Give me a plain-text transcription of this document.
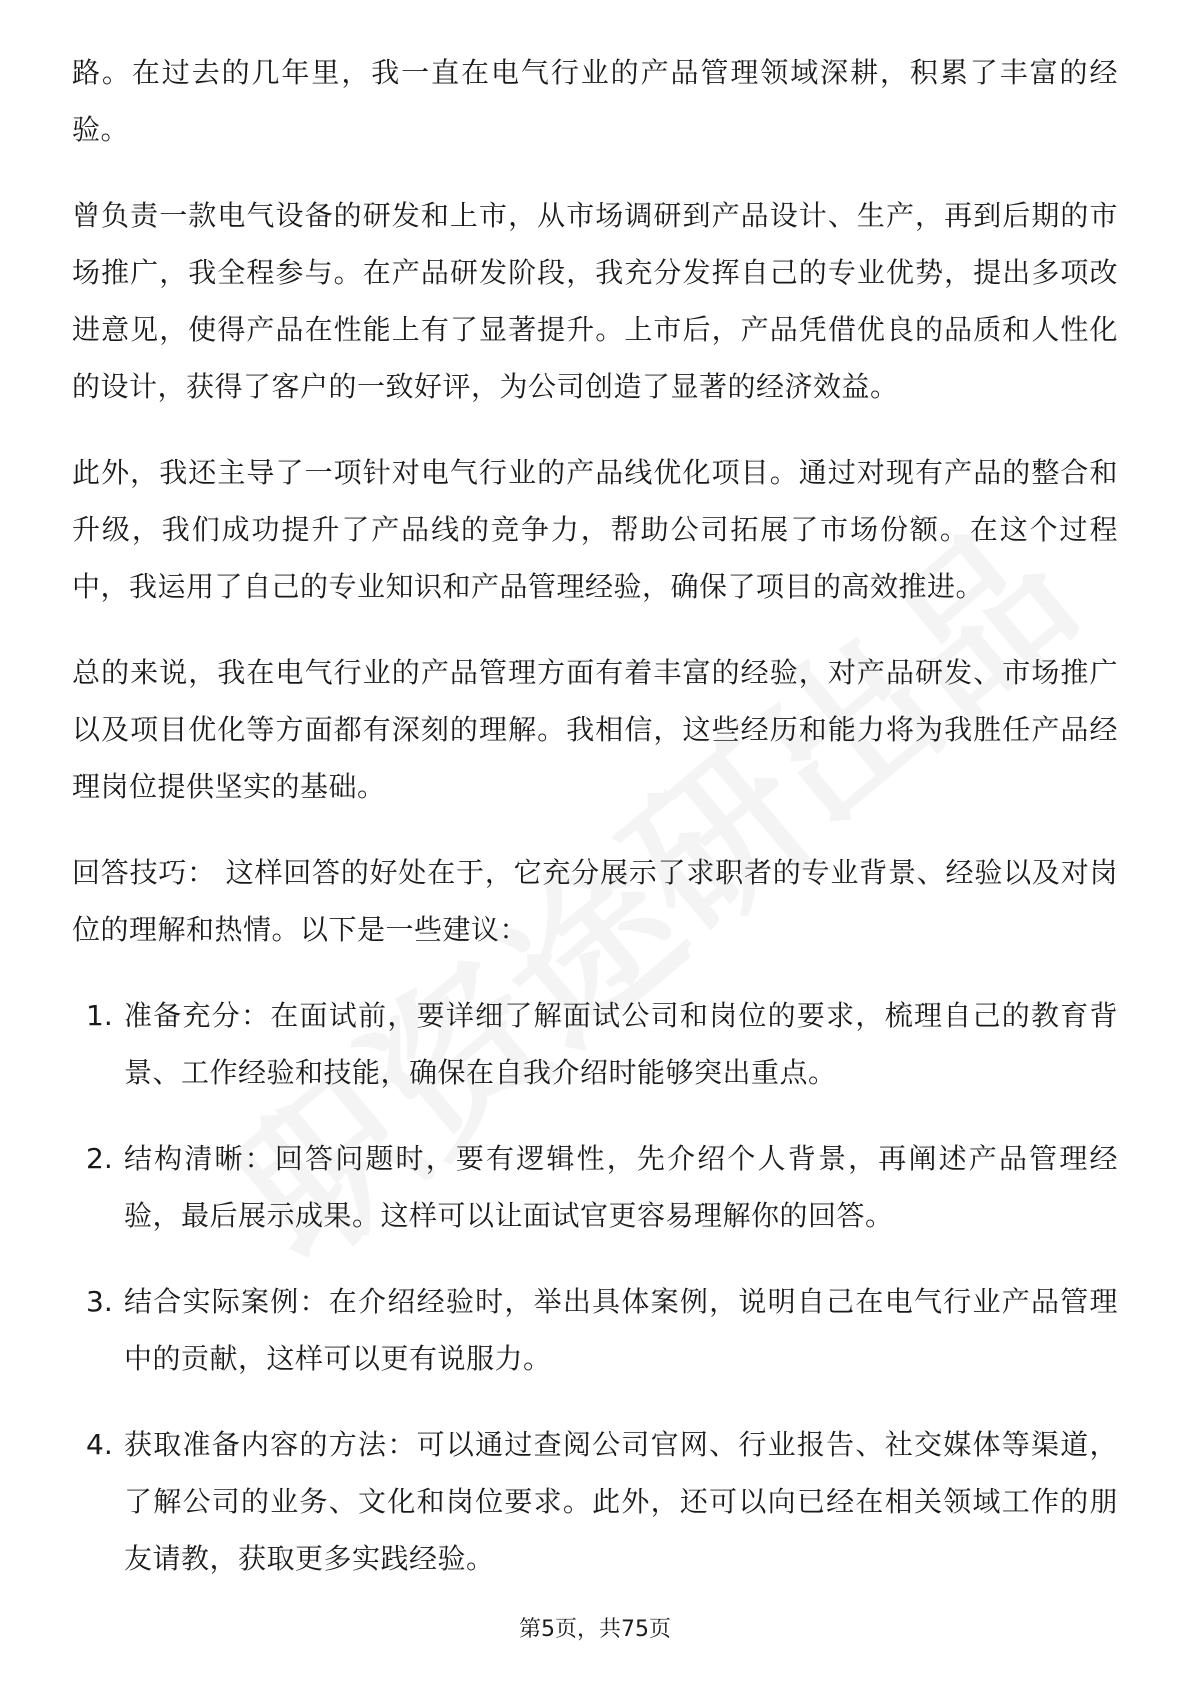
路。在过去的几年里，我一直在电气行业的产品管理领域深耕，积累了丰富的经验。

曾负责一款电气设备的研发和上市，从市场调研到产品设计、生产，再到后期的市场推广，我全程参与。在产品研发阶段，我充分发挥自己的专业优势，提出多项改进意见，使得产品在性能上有了显著提升。上市后，产品凭借优良的品质和人性化的设计，获得了客户的一致好评，为公司创造了显著的经济效益。

此外，我还主导了一项针对电气行业的产品线优化项目。通过对现有产品的整合和升级，我们成功提升了产品线的竞争力，帮助公司拓展了市场份额。在这个过程中，我运用了自己的专业知识和产品管理经验，确保了项目的高效推进。

总的来说，我在电气行业的产品管理方面有着丰富的经验，对产品研发、市场推广以及项目优化等方面都有深刻的理解。我相信，这些经历和能力将为我胜任产品经理岗位提供坚实的基础。

回答技巧： 这样回答的好处在于，它充分展示了求职者的专业背景、经验以及对岗位的理解和热情。以下是一些建议：

1. 准备充分：在面试前，要详细了解面试公司和岗位的要求，梳理自己的教育背景、工作经验和技能，确保在自我介绍时能够突出重点。
2. 结构清晰：回答问题时，要有逻辑性，先介绍个人背景，再阐述产品管理经验，最后展示成果。这样可以让面试官更容易理解你的回答。
3. 结合实际案例：在介绍经验时，举出具体案例，说明自己在电气行业产品管理中的贡献，这样可以更有说服力。
4. 获取准备内容的方法：可以通过查阅公司官网、行业报告、社交媒体等渠道，了解公司的业务、文化和岗位要求。此外，还可以向已经在相关领域工作的朋友请教，获取更多实践经验。
第5页，共75页
